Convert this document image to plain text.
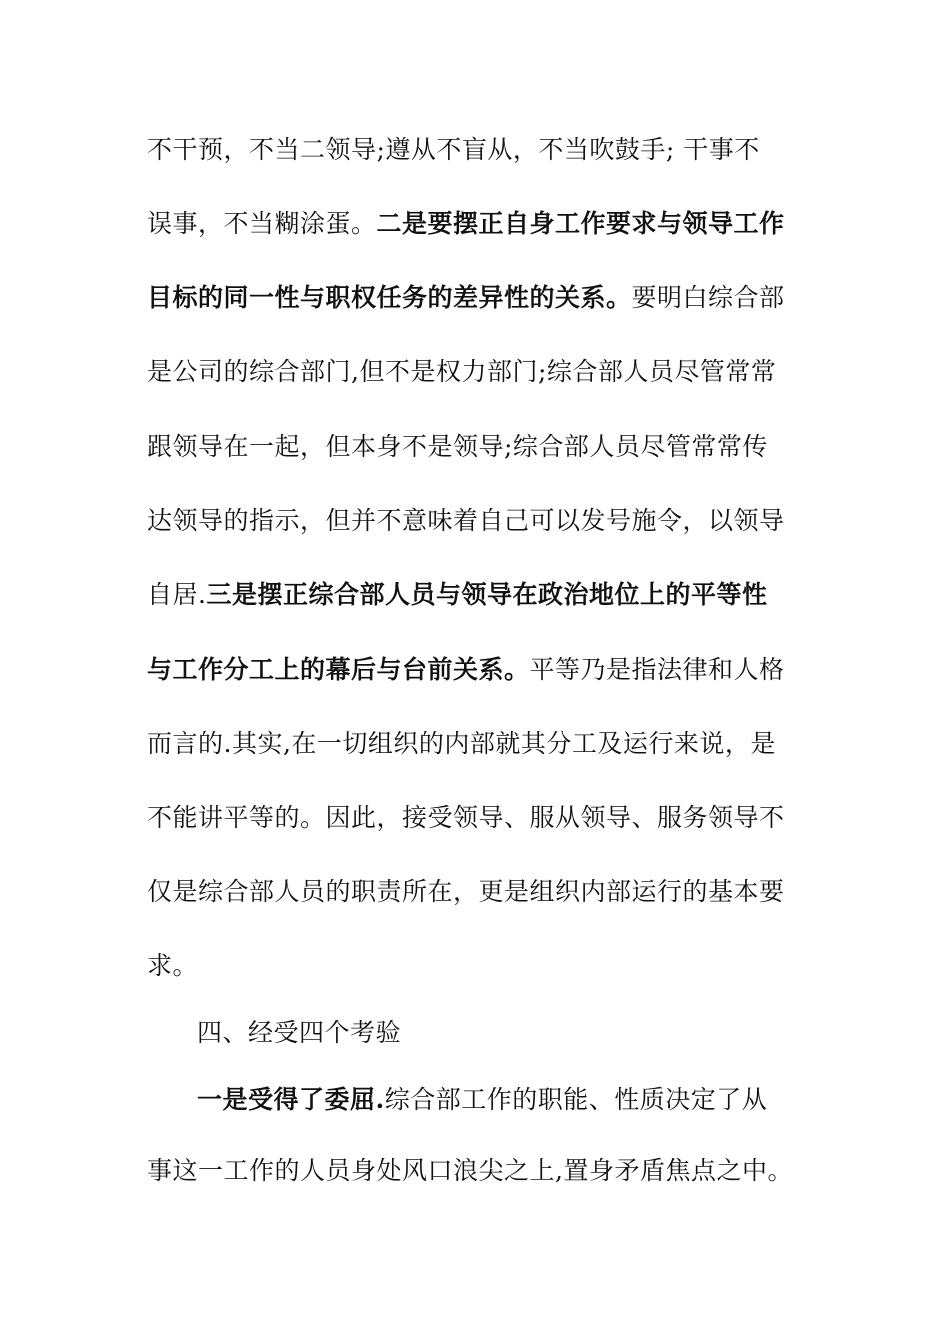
不干预，不当二领导;遵从不盲从，不当吹鼓手; 干事不
误事，不当糊涂蛋。二是要摆正自身工作要求与领导工作
目标的同一性与职权任务的差异性的关系。要明白综合部
是公司的综合部门,但不是权力部门;综合部人员尽管常常
跟领导在一起，但本身不是领导;综合部人员尽管常常传
达领导的指示，但并不意味着自己可以发号施令，以领导
自居.三是摆正综合部人员与领导在政治地位上的平等性
与工作分工上的幕后与台前关系。平等乃是指法律和人格
而言的.其实,在一切组织的内部就其分工及运行来说，是
不能讲平等的。因此，接受领导、服从领导、服务领导不
仅是综合部人员的职责所在，更是组织内部运行的基本要
求。
四、经受四个考验
一是受得了委屈.综合部工作的职能、性质决定了从
事这一工作的人员身处风口浪尖之上,置身矛盾焦点之中。
